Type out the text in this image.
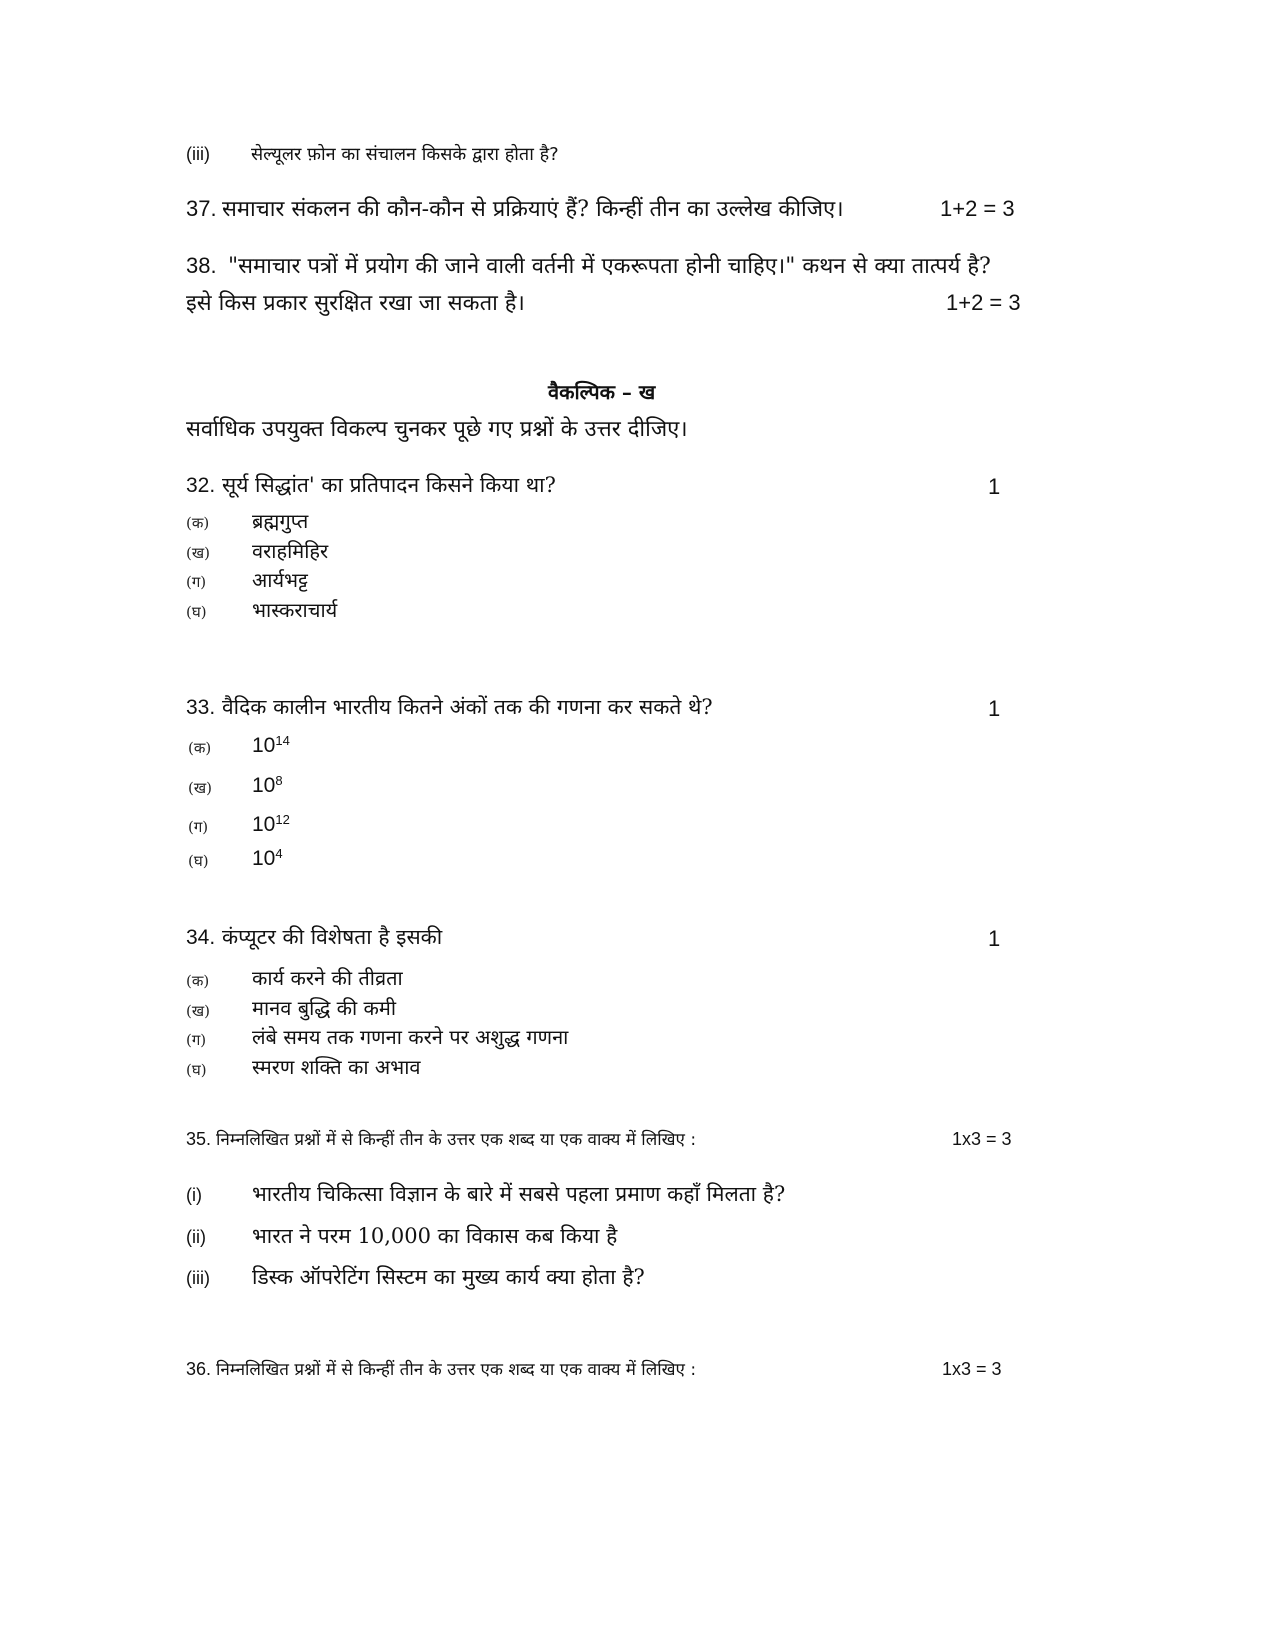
(iii) सेल्यूलर फ़ोन का संचालन किसके द्वारा होता है?
37. समाचार संकलन की कौन-कौन से प्रक्रियाएं हैं? किन्हीं तीन का उल्लेख कीजिए।	1+2 = 3
38. "समाचार पत्रों में प्रयोग की जाने वाली वर्तनी में एकरूपता होनी चाहिए।" कथन से क्या तात्पर्य है?
इसे किस प्रकार सुरक्षित रखा जा सकता है।	1+2 = 3
वैकल्पिक – ख
सर्वाधिक उपयुक्त विकल्प चुनकर पूछे गए प्रश्नों के उत्तर दीजिए।
32. सूर्य सिद्धांत' का प्रतिपादन किसने किया था?	1
(क) ब्रह्मगुप्त
(ख) वराहमिहिर
(ग) आर्यभट्ट
(घ) भास्कराचार्य
33. वैदिक कालीन भारतीय कितने अंकों तक की गणना कर सकते थे?	1
(क) $10^{14}$
(ख) $10^8$
(ग) $10^{12}$
(घ) $10^4$
34. कंप्यूटर की विशेषता है इसकी	1
(क) कार्य करने की तीव्रता
(ख) मानव बुद्धि की कमी
(ग) लंबे समय तक गणना करने पर अशुद्ध गणना
(घ) स्मरण शक्ति का अभाव
35. निम्नलिखित प्रश्नों में से किन्हीं तीन के उत्तर एक शब्द या एक वाक्य में लिखिए :	1x3 = 3
(i) भारतीय चिकित्सा विज्ञान के बारे में सबसे पहला प्रमाण कहाँ मिलता है?
(ii) भारत ने परम 10,000 का विकास कब किया है
(iii) डिस्क ऑपरेटिंग सिस्टम का मुख्य कार्य क्या होता है?
36. निम्नलिखित प्रश्नों में से किन्हीं तीन के उत्तर एक शब्द या एक वाक्य में लिखिए :	1x3 = 3
